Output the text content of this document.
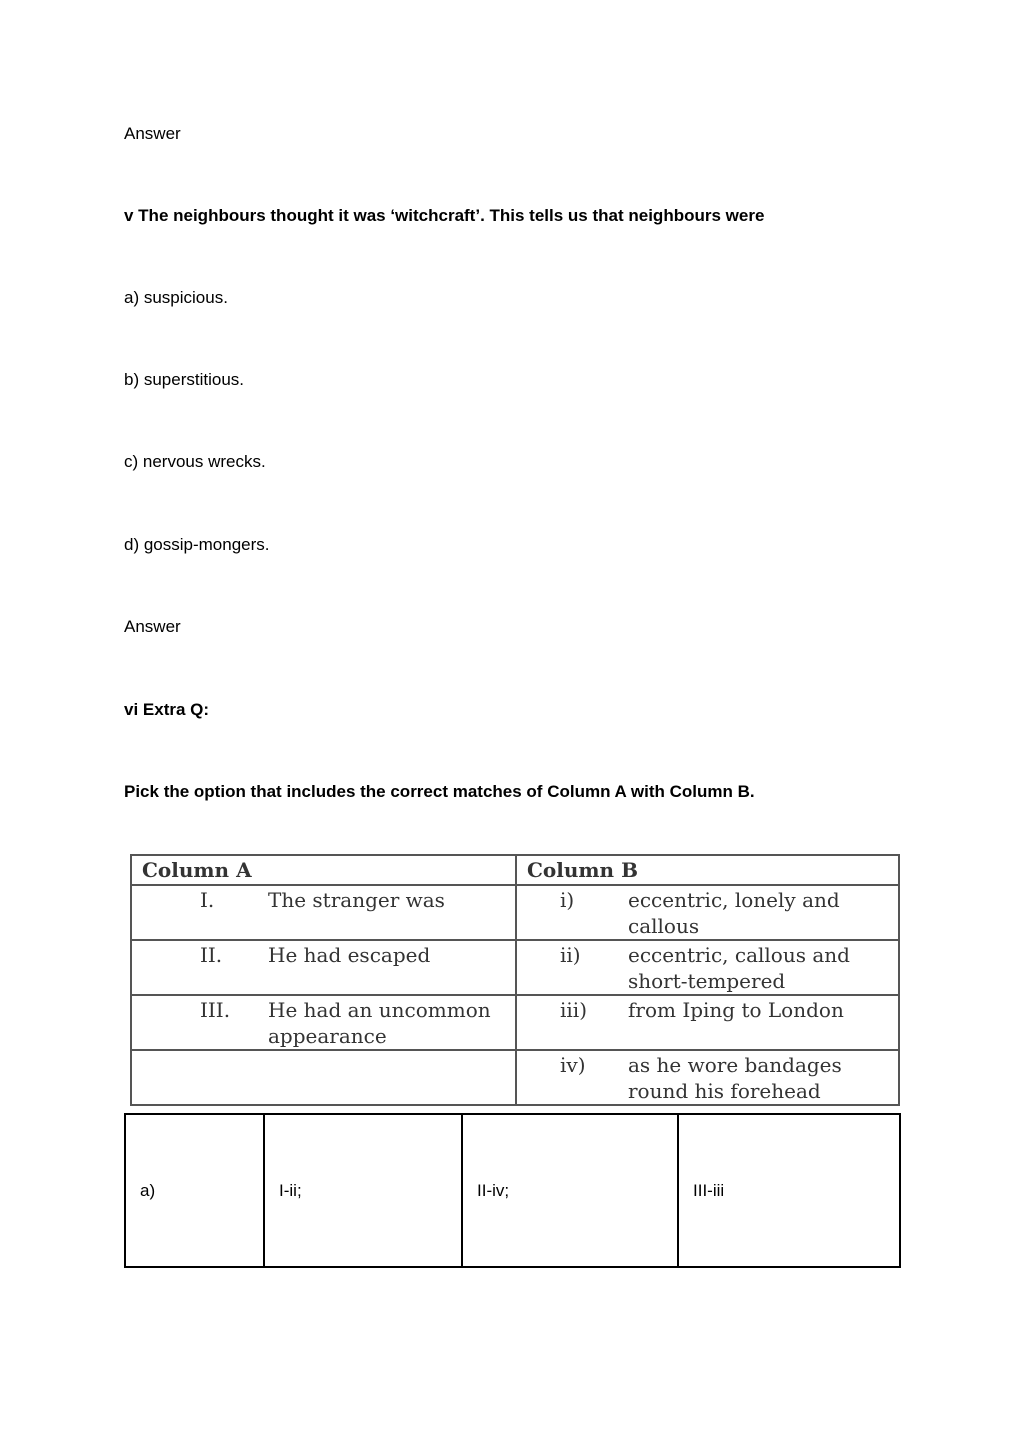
Answer
v The neighbours thought it was ‘witchcraft’. This tells us that neighbours were
a) suspicious.
b) superstitious.
c) nervous wrecks.
d) gossip-mongers.
Answer
vi Extra Q:
Pick the option that includes the correct matches of Column A with Column B.
Column A	Column B

I. The stranger was	i) eccentric, lonely and callous

II. He had escaped	ii) eccentric, callous and short-tempered

III. He had an uncommon appearance	iii) from Iping to London

	iv) as he wore bandages round his forehead
a)	I-ii;	II-iv;	III-iii
